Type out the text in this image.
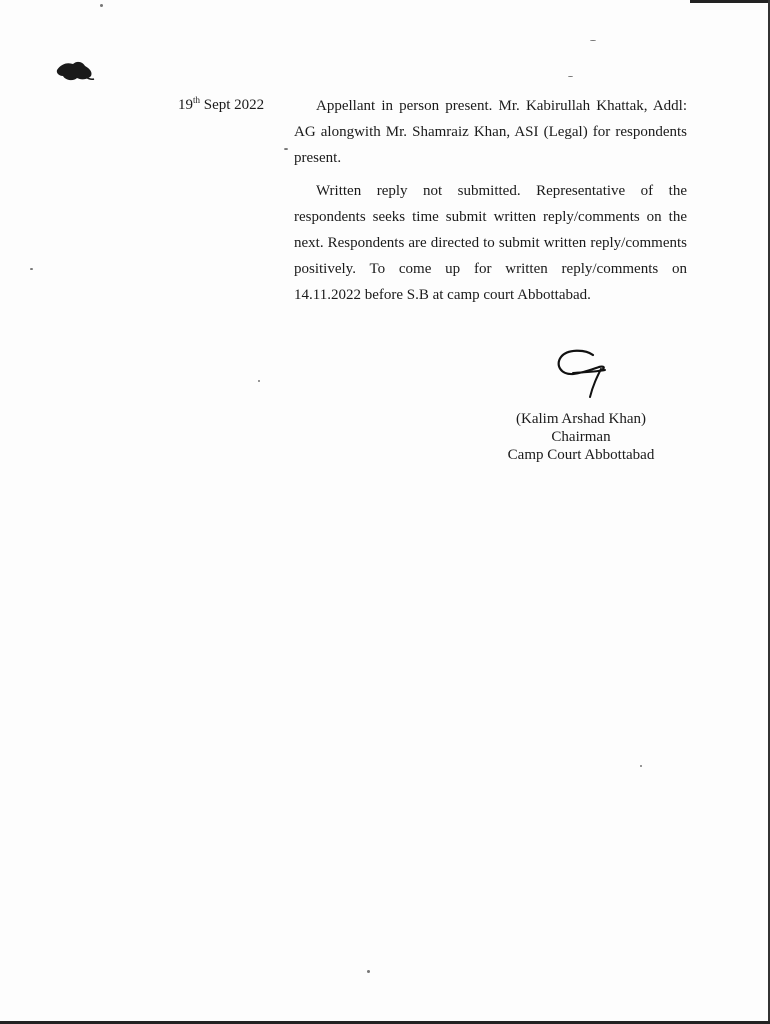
19th Sept 2022	Appellant in person present. Mr. Kabirullah Khattak, Addl: AG alongwith Mr. Shamraiz Khan, ASI (Legal) for respondents present.

Written reply not submitted. Representative of the respondents seeks time submit written reply/comments on the next. Respondents are directed to submit written reply/comments positively. To come up for written reply/comments on 14.11.2022 before S.B at camp court Abbottabad.

(Kalim Arshad Khan)
Chairman
Camp Court Abbottabad
